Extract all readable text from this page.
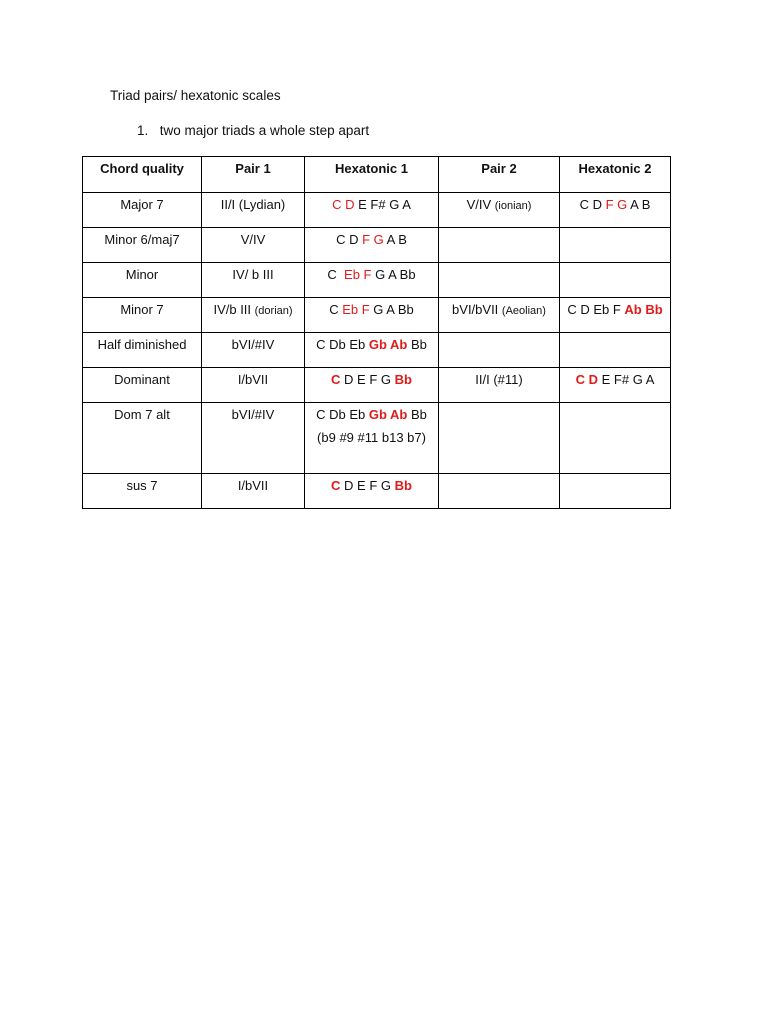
Triad pairs/ hexatonic scales
1. two major triads a whole step apart
Chord quality	Pair 1	Hexatonic 1	Pair 2	Hexatonic 2
Major 7	II/I (Lydian)	C D E F# G A	V/IV (ionian)	C D F G A B
Minor 6/maj7	V/IV	C D F G A B		
Minor	IV/ b III	C  Eb F G A Bb		
Minor 7	IV/b III (dorian)	C Eb F G A Bb	bVI/bVII (Aeolian)	C D Eb F Ab Bb
Half diminished	bVI/#IV	C Db Eb Gb Ab Bb		
Dominant	I/bVII	C D E F G Bb	II/I (#11)	C D E F# G A
Dom 7 alt	bVI/#IV	C Db Eb Gb Ab Bb
(b9 #9 #11 b13 b7)		

sus 7	I/bVII	C D E F G Bb		
